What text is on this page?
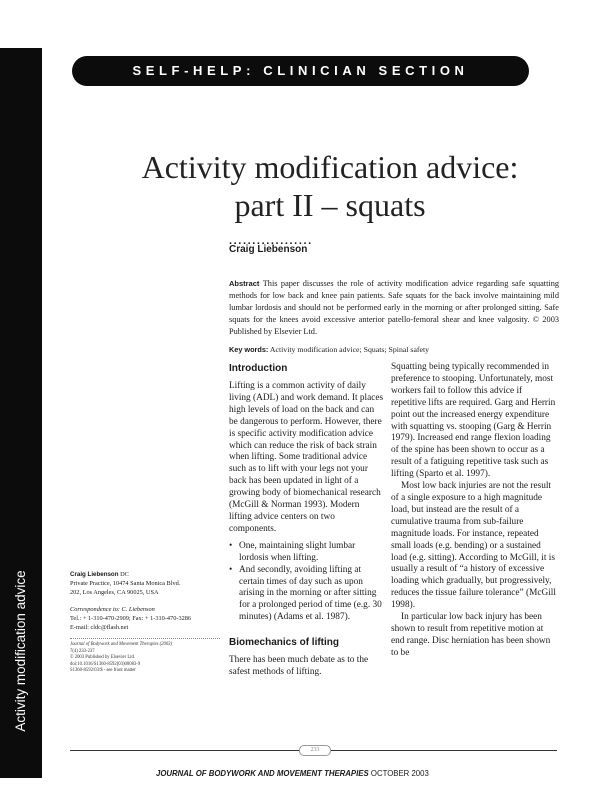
Activity modification advice
SELF-HELP: CLINICIAN SECTION
Activity modification advice:
part II – squats
..................
Craig Liebenson
Abstract This paper discusses the role of activity modification advice regarding safe squatting methods for low back and knee pain patients. Safe squats for the back involve maintaining mild lumbar lordosis and should not be performed early in the morning or after prolonged sitting. Safe squats for the knees avoid excessive anterior patello-femoral shear and knee valgosity. © 2003 Published by Elsevier Ltd.
Key words: Activity modification advice; Squats; Spinal safety
Introduction

Lifting is a common activity of daily living (ADL) and work demand. It places high levels of load on the back and can be dangerous to perform. However, there is specific activity modification advice which can reduce the risk of back strain when lifting. Some traditional advice such as to lift with your legs not your back has been updated in light of a growing body of biomechanical research (McGill & Norman 1993). Modern lifting advice centers on two components.

• One, maintaining slight lumbar lordosis when lifting.
• And secondly, avoiding lifting at certain times of day such as upon arising in the morning or after sitting for a prolonged period of time (e.g. 30 minutes) (Adams et al. 1987).
Biomechanics of lifting

There has been much debate as to the safest methods of lifting.

Squatting being typically recommended in preference to stooping. Unfortunately, most workers fail to follow this advice if repetitive lifts are required. Garg and Herrin point out the increased energy expenditure with squatting vs. stooping (Garg & Herrin 1979). Increased end range flexion loading of the spine has been shown to occur as a result of a fatiguing repetitive task such as lifting (Sparto et al. 1997).

Most low back injuries are not the result of a single exposure to a high magnitude load, but instead are the result of a cumulative trauma from sub-failure magnitude loads. For instance, repeated small loads (e.g. bending) or a sustained load (e.g. sitting). According to McGill, it is usually a result of “a history of excessive loading which gradually, but progressively, reduces the tissue failure tolerance” (McGill 1998).

In particular low back injury has been shown to result from repetitive motion at end range. Disc herniation has been shown to be

Craig Liebenson DC
Private Practice, 10474 Santa Monica Blvd.
202, Los Angeles, CA 90025, USA
Correspondence to: C. Liebenson
Tel.: + 1-310-470-2909; Fax: + 1-310-470-3286
E-mail: cldc@flash.net
Journal of Bodywork and Movement Therapies (2003)
7(4) 233-237
© 2003 Published by Elsevier Ltd.
doi:10.1016/S1360-8592(03)00083-9
S1360-8592/03/$ - see front matter
233
JOURNAL OF BODYWORK AND MOVEMENT THERAPIES OCTOBER 2003
